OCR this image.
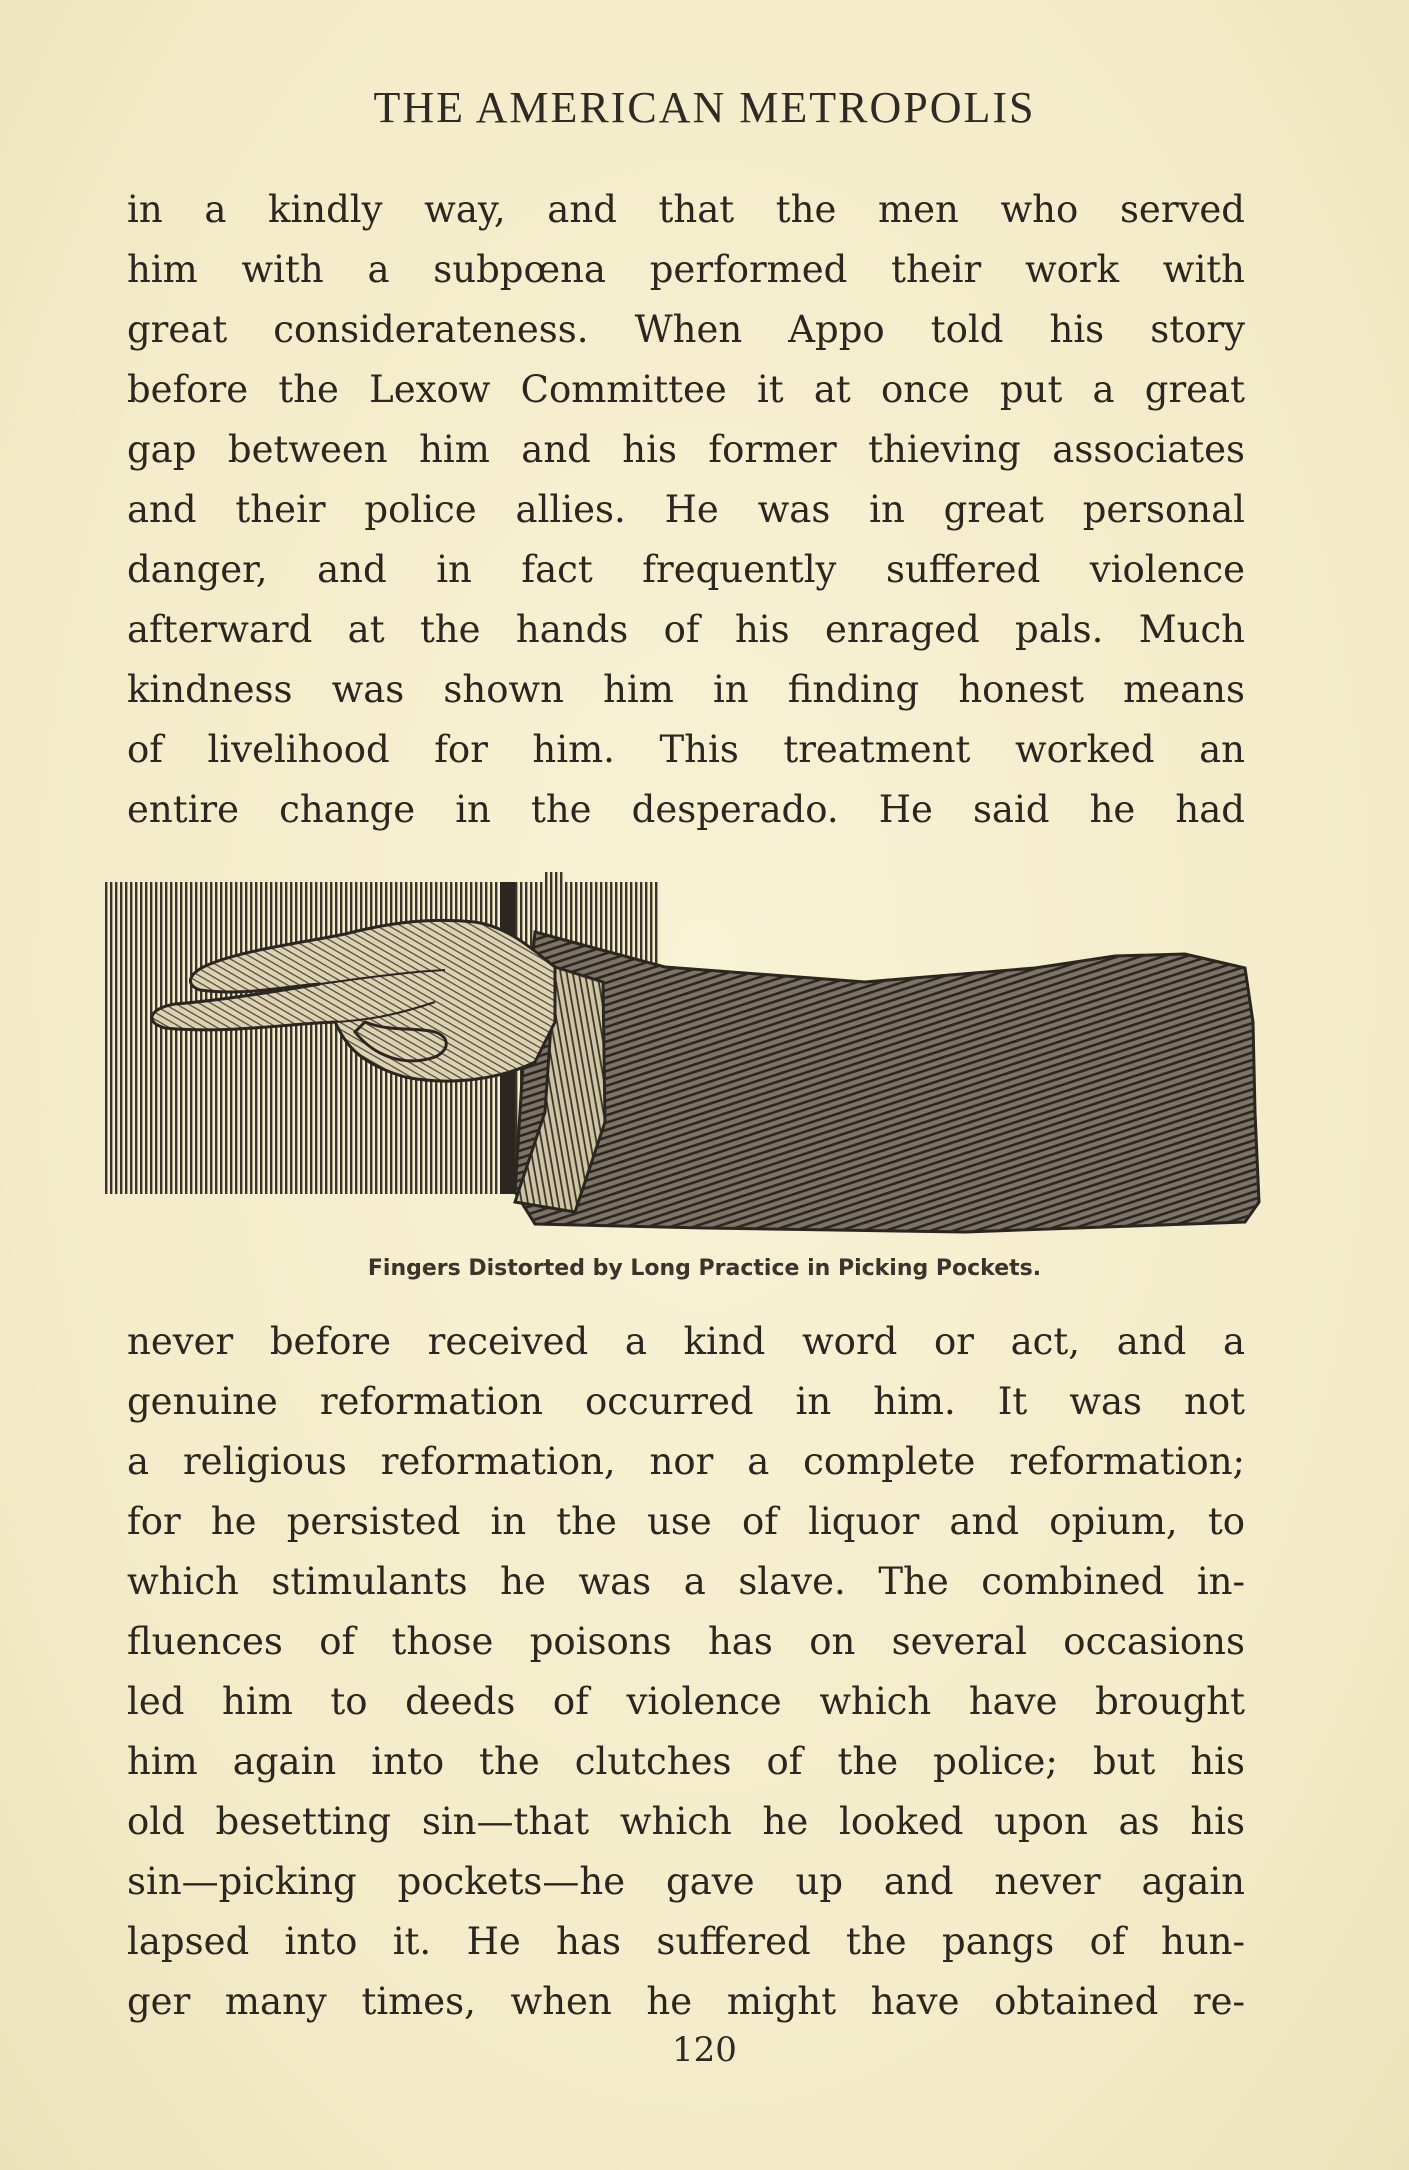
THE AMERICAN METROPOLIS
in a kindly way, and that the men who served
him with a subpœna performed their work with
great considerateness. When Appo told his story
before the Lexow Committee it at once put a great
gap between him and his former thieving associates
and their police allies. He was in great personal
danger, and in fact frequently suffered violence
afterward at the hands of his enraged pals. Much
kindness was shown him in finding honest means
of livelihood for him. This treatment worked an
entire change in the desperado. He said he had
Fingers Distorted by Long Practice in Picking Pockets.
never before received a kind word or act, and a
genuine reformation occurred in him. It was not
a religious reformation, nor a complete reformation;
for he persisted in the use of liquor and opium, to
which stimulants he was a slave. The combined in-
fluences of those poisons has on several occasions
led him to deeds of violence which have brought
him again into the clutches of the police; but his
old besetting sin—that which he looked upon as his
sin—picking pockets—he gave up and never again
lapsed into it. He has suffered the pangs of hun-
ger many times, when he might have obtained re-
120
